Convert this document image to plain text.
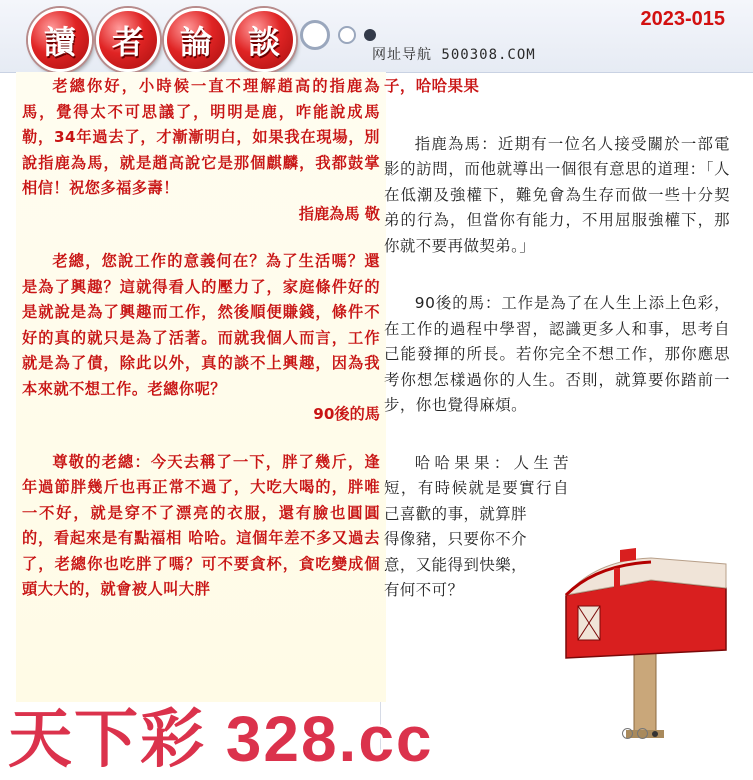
讀	者	論	談	网址导航 500308.COM
2023-015

老總你好，小時候一直不理解趙高的指鹿為馬，覺得太不可思議了，明明是鹿，咋能說成馬勒，34年過去了，才漸漸明白，如果我在現場，別說指鹿為馬，就是趙高說它是那個麒麟，我都鼓掌相信！祝您多福多壽！

指鹿為馬 敬

老總，您說工作的意義何在？為了生活嗎？還是為了興趣？這就得看人的壓力了，家庭條件好的是就說是為了興趣而工作，然後順便賺錢，條件不好的真的就只是為了活著。而就我個人而言，工作就是為了債，除此以外，真的談不上興趣，因為我本來就不想工作。老總你呢？

90後的馬

尊敬的老總：今天去稱了一下，胖了幾斤，逢年過節胖幾斤也再正常不過了，大吃大喝的，胖唯一不好，就是穿不了漂亮的衣服，還有臉也圓圓的，看起來是有點福相 哈哈。這個年差不多又過去了，老總你也吃胖了嗎？可不要貪杯，貪吃變成個頭大大的，就會被人叫大胖

子，哈哈果果

指鹿為馬：近期有一位名人接受關於一部電影的訪問，而他就導出一個很有意思的道理：「人在低潮及強權下，難免會為生存而做一些十分契弟的行為，但當你有能力，不用屈服強權下，那你就不要再做契弟。」

90後的馬：工作是為了在人生上添上色彩，在工作的過程中學習，認識更多人和事，思考自己能發揮的所長。若你完全不想工作，那你應思考你想怎樣過你的人生。否則，就算要你踏前一步，你也覺得麻煩。

哈哈果果：人生苦短，有時候就是要實行自己喜歡的事，就算胖

得像豬，只要你不介

意，又能得到快樂，

有何不可？

天下彩 328.cc
